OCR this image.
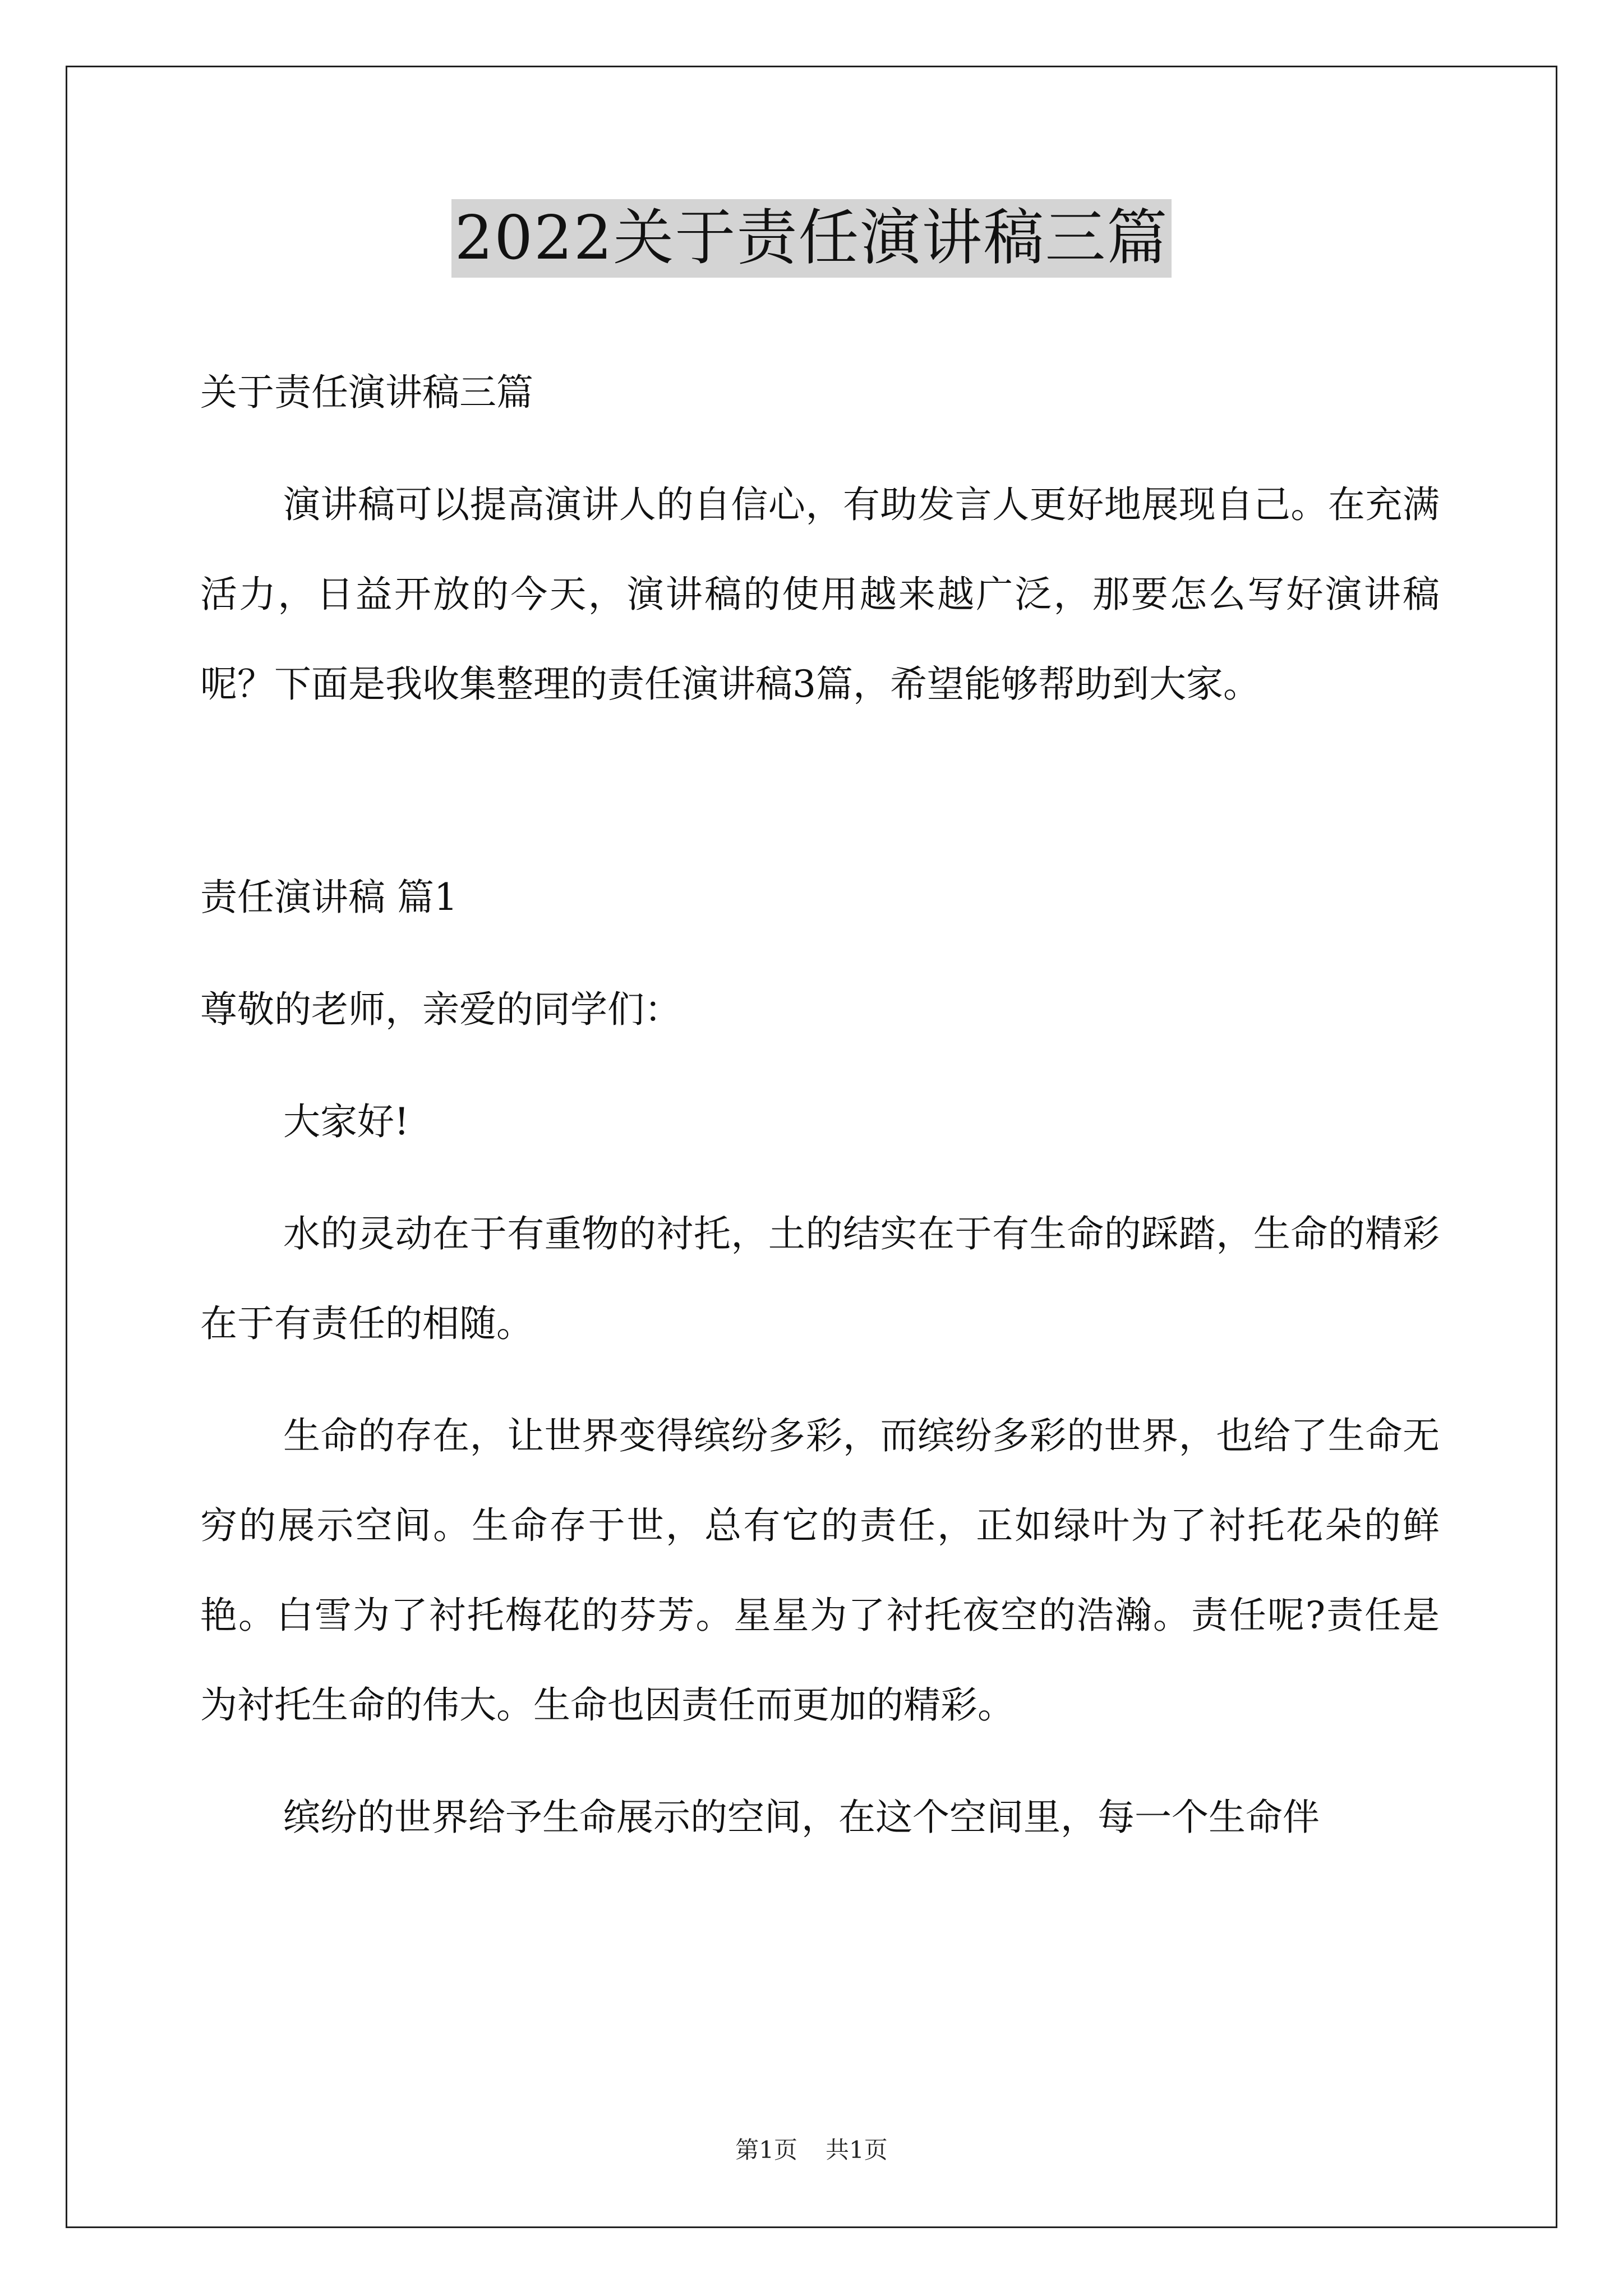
2022关于责任演讲稿三篇

关于责任演讲稿三篇

演讲稿可以提高演讲人的自信心，有助发言人更好地展现自己。在充满活力，日益开放的今天，演讲稿的使用越来越广泛，那要怎么写好演讲稿呢？下面是我收集整理的责任演讲稿3篇，希望能够帮助到大家。

责任演讲稿 篇1

尊敬的老师，亲爱的同学们：

大家好!

水的灵动在于有重物的衬托，土的结实在于有生命的踩踏，生命的精彩在于有责任的相随。

生命的存在，让世界变得缤纷多彩，而缤纷多彩的世界，也给了生命无穷的展示空间。生命存于世，总有它的责任，正如绿叶为了衬托花朵的鲜艳。白雪为了衬托梅花的芬芳。星星为了衬托夜空的浩瀚。责任呢?责任是为衬托生命的伟大。生命也因责任而更加的精彩。

缤纷的世界给予生命展示的空间，在这个空间里，每一个生命伴

第1页 共1页
